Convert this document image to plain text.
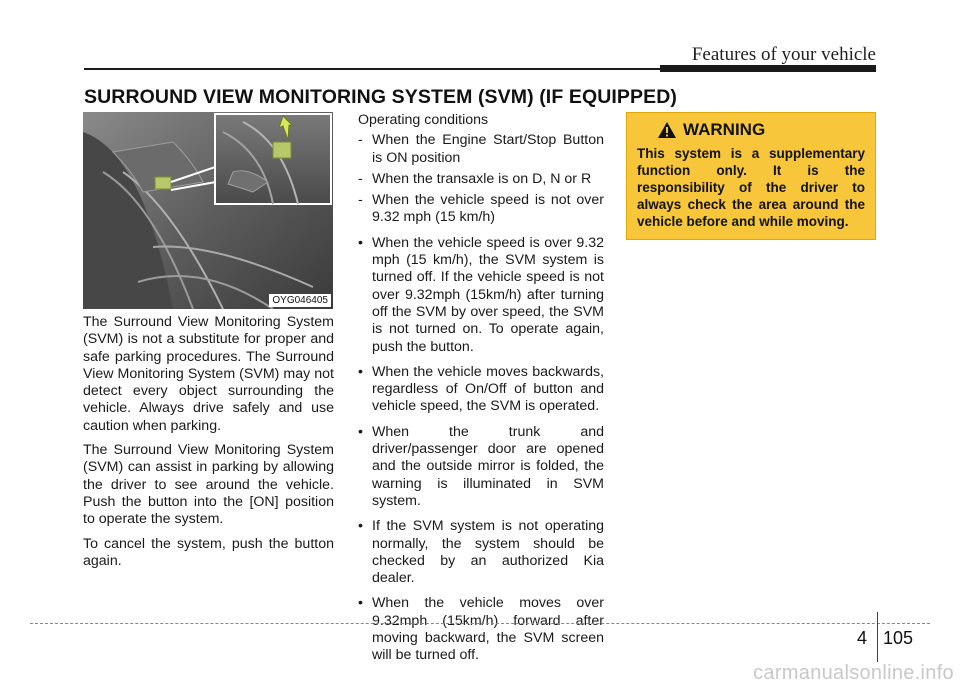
Features of your vehicle
SURROUND VIEW MONITORING SYSTEM (SVM) (IF EQUIPPED)
OYG046405

The Surround View Monitoring System (SVM) is not a substitute for proper and safe parking procedures. The Surround View Monitoring System (SVM) may not detect every object surrounding the vehicle. Always drive safely and use caution when parking.

The Surround View Monitoring System (SVM) can assist in parking by allowing the driver to see around the vehicle. Push the button into the [ON] position to operate the system.

To cancel the system, push the button again.

Operating conditions
- When the Engine Start/Stop Button is ON position
- When the transaxle is on D, N or R
- When the vehicle speed is not over 9.32 mph (15 km/h)
• When the vehicle speed is over 9.32 mph (15 km/h), the SVM system is turned off. If the vehicle speed is not over 9.32mph (15km/h) after turning off the SVM by over speed, the SVM is not turned on. To operate again, push the button.
• When the vehicle moves backwards, regardless of On/Off of button and vehicle speed, the SVM is operated.
• When the trunk and driver/passenger door are opened and the outside mirror is folded, the warning is illuminated in SVM system.
• If the SVM system is not operating normally, the system should be checked by an authorized Kia dealer.
• When the vehicle moves over 9.32mph (15km/h) forward after moving backward, the SVM screen will be turned off.
WARNING
This system is a supplementary function only. It is the responsibility of the driver to always check the area around the vehicle before and while moving.
4 105
carmanualsonline.info
